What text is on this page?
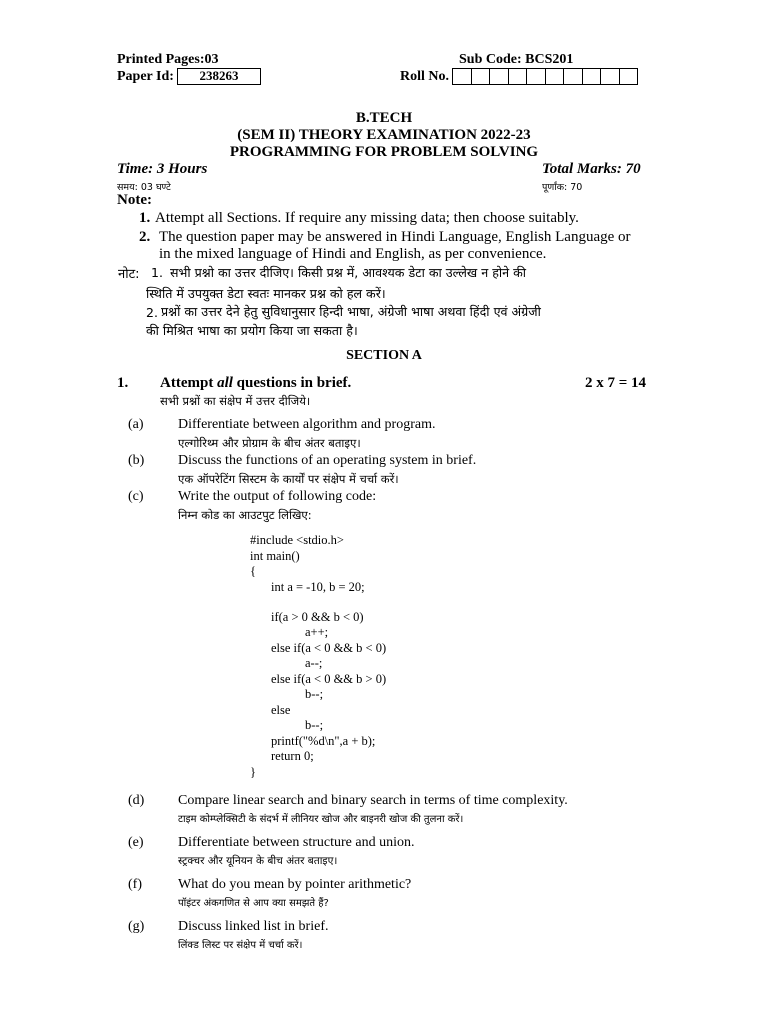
Printed Pages:03	Sub Code: BCS201
Paper Id:	238263	Roll No.
B.TECH
(SEM II) THEORY EXAMINATION 2022-23
PROGRAMMING FOR PROBLEM SOLVING
Time: 3 Hours	Total Marks: 70
समय: 03 घण्टे	पूर्णांक: 70
Note:
1. Attempt all Sections. If require any missing data; then choose suitably.
2. The question paper may be answered in Hindi Language, English Language or
in the mixed language of Hindi and English, as per convenience.
नोट: 1. सभी प्रश्नो का उत्तर दीजिए। किसी प्रश्न में, आवश्यक डेटा का उल्लेख न होने की
स्थिति में उपयुक्त डेटा स्वतः मानकर प्रश्न को हल करें।
2. प्रश्नों का उत्तर देने हेतु सुविधानुसार हिन्दी भाषा, अंग्रेजी भाषा अथवा हिंदी एवं अंग्रेजी
की मिश्रित भाषा का प्रयोग किया जा सकता है।
SECTION A
1. Attempt all questions in brief.	2 x 7 = 14
सभी प्रश्नों का संक्षेप में उत्तर दीजिये।
(a) Differentiate between algorithm and program.
एल्गोरिथ्म और प्रोग्राम के बीच अंतर बताइए।
(b) Discuss the functions of an operating system in brief.
एक ऑपरेटिंग सिस्टम के कार्यों पर संक्षेप में चर्चा करें।
(c) Write the output of following code:
निम्न कोड का आउटपुट लिखिए:
#include <stdio.h>
int main()
{
int a = -10, b = 20;
if(a > 0 && b < 0)
a++;
else if(a < 0 && b < 0)
a--;
else if(a < 0 && b > 0)
b--;
else
b--;
printf("%d\n",a + b);
return 0;
}
(d) Compare linear search and binary search in terms of time complexity.
टाइम कोम्प्लेक्सिटी के संदर्भ में लीनियर खोज और बाइनरी खोज की तुलना करें।
(e) Differentiate between structure and union.
स्ट्रक्चर और यूनियन के बीच अंतर बताइए।
(f)	What do you mean by pointer arithmetic?
पॉइंटर अंकगणित से आप क्या समझते हैं?
(g) Discuss linked list in brief.
लिंक्ड लिस्ट पर संक्षेप में चर्चा करें।
